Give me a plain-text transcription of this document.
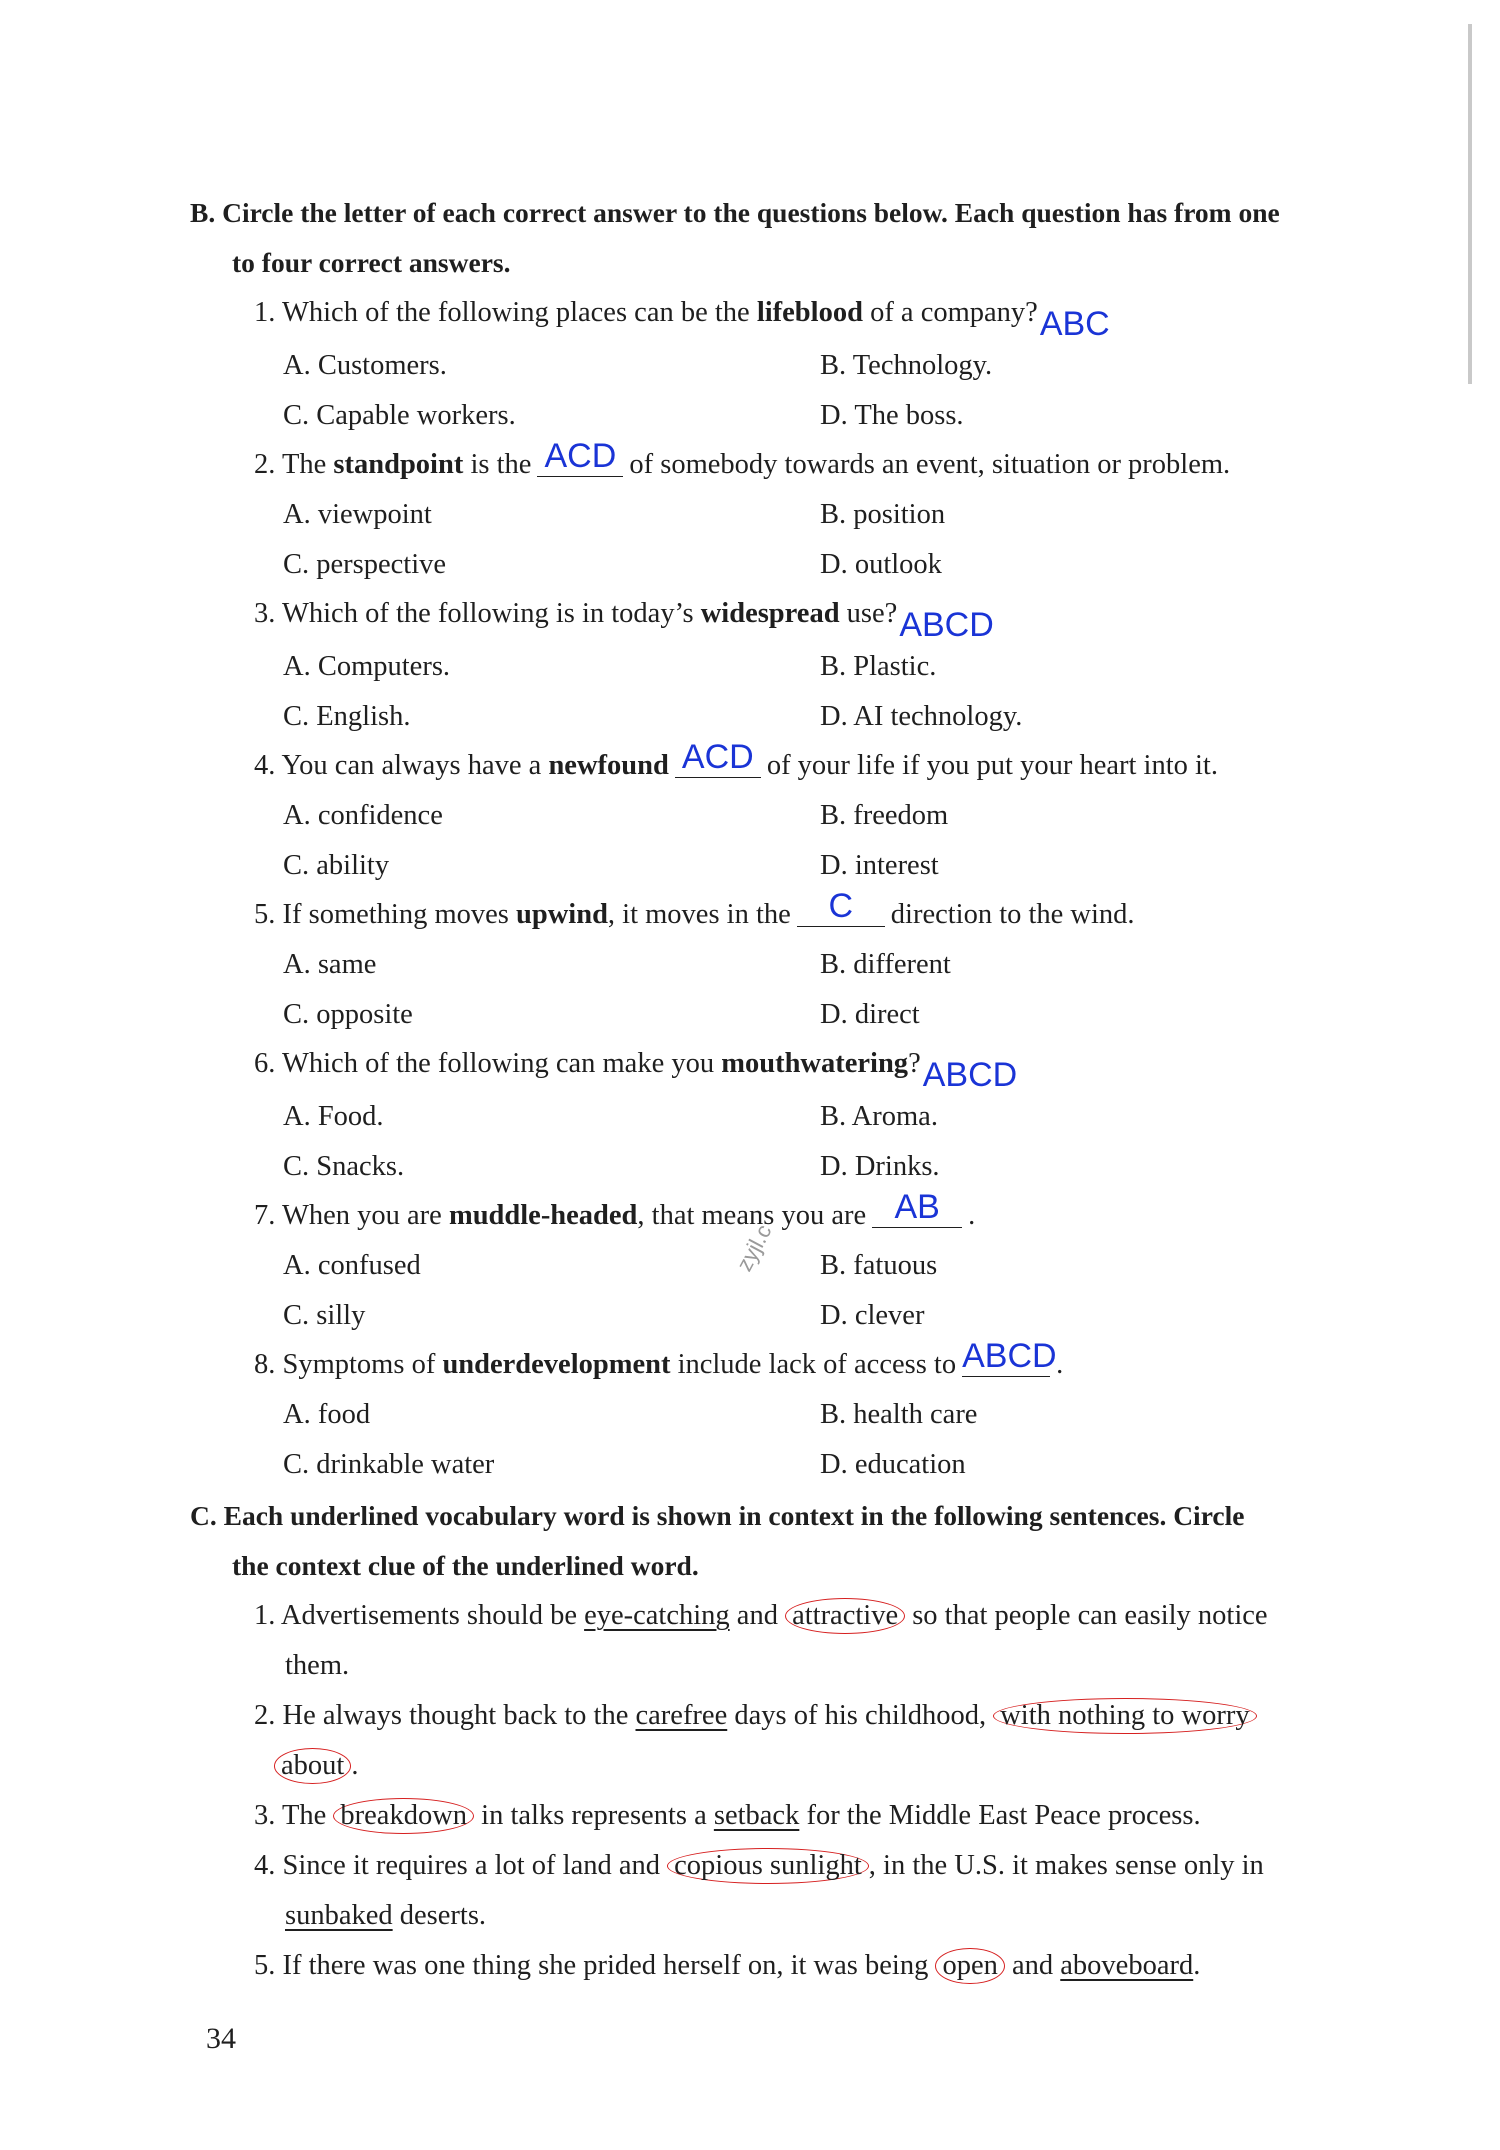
B. Circle the letter of each correct answer to the questions below. Each question has from one
to four correct answers.
1. Which of the following places can be the lifeblood of a company?ABC
A. Customers.	B. Technology.
C. Capable workers.	D. The boss.
2. The standpoint is the ACD of somebody towards an event, situation or problem.
A. viewpoint	B. position
C. perspective	D. outlook
3. Which of the following is in today’s widespread use?ABCD
A. Computers.	B. Plastic.
C. English.	D. AI technology.
4. You can always have a newfound ACD of your life if you put your heart into it.
A. confidence	B. freedom
C. ability	D. interest
5. If something moves upwind, it moves in the	C	direction to the wind.
A. same	B. different
C. opposite	D. direct
6. Which of the following can make you mouthwatering?ABCD
A. Food.	B. Aroma.
C. Snacks.	D. Drinks.
7. When you are muddle-headed, that means you are AB .
A. confused	B. fatuous
C. silly	D. clever
8. Symptoms of underdevelopment include lack of access to ABCD .
A. food	B. health care
C. drinkable water	D. education
C. Each underlined vocabulary word is shown in context in the following sentences. Circle
the context clue of the underlined word.
1. Advertisements should be eye-catching and attractive so that people can easily notice
them.
2. He always thought back to the carefree days of his childhood, with nothing to worry
about .
3. The breakdown in talks represents a setback for the Middle East Peace process.
4. Since it requires a lot of land and copious sunlight , in the U.S. it makes sense only in
sunbaked deserts.
5. If there was one thing she prided herself on, it was being open and aboveboard.
zyjl.c
34
